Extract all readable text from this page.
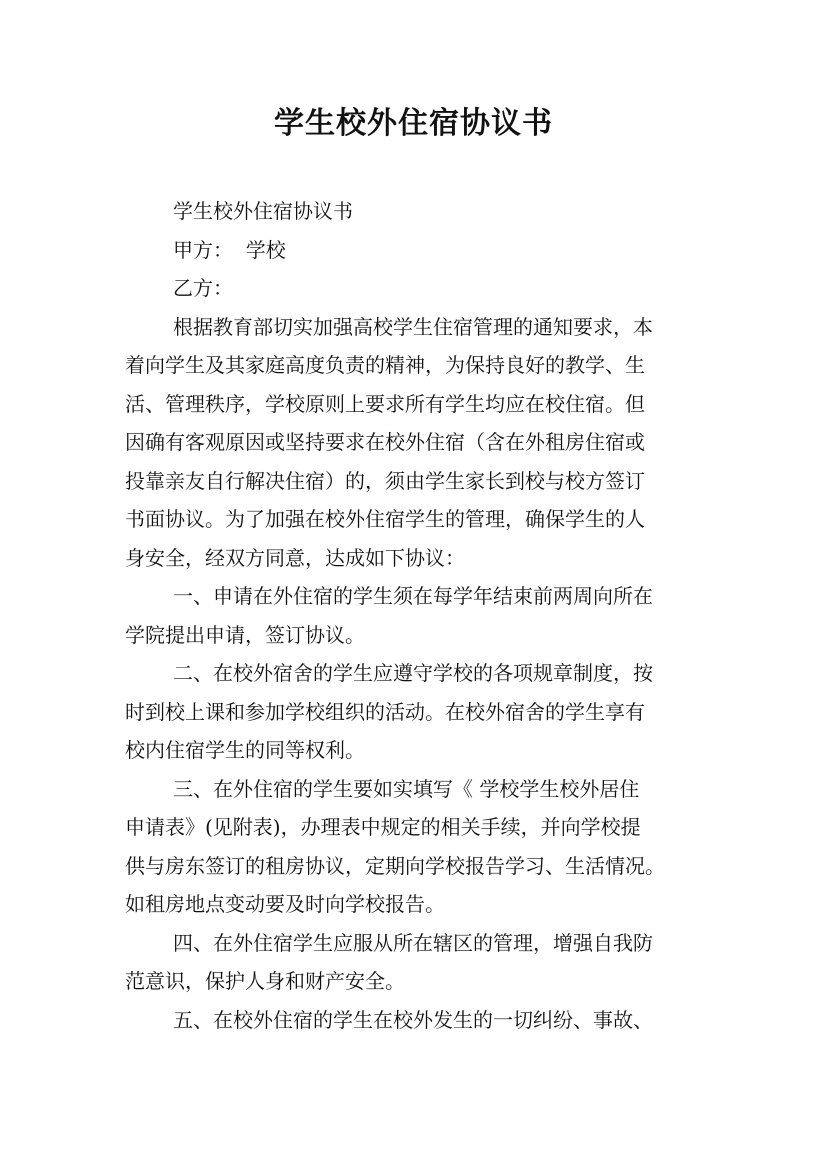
学生校外住宿协议书
学生校外住宿协议书
甲方：  学校
乙方：
根据教育部切实加强高校学生住宿管理的通知要求，本
着向学生及其家庭高度负责的精神，为保持良好的教学、生
活、管理秩序，学校原则上要求所有学生均应在校住宿。但
因确有客观原因或坚持要求在校外住宿（含在外租房住宿或
投靠亲友自行解决住宿）的，须由学生家长到校与校方签订
书面协议。为了加强在校外住宿学生的管理，确保学生的人
身安全，经双方同意，达成如下协议：
一、申请在外住宿的学生须在每学年结束前两周向所在
学院提出申请，签订协议。
二、在校外宿舍的学生应遵守学校的各项规章制度，按
时到校上课和参加学校组织的活动。在校外宿舍的学生享有
校内住宿学生的同等权利。
三、在外住宿的学生要如实填写《 学校学生校外居住
申请表》(见附表)，办理表中规定的相关手续，并向学校提
供与房东签订的租房协议，定期向学校报告学习、生活情况。
如租房地点变动要及时向学校报告。
四、在外住宿学生应服从所在辖区的管理，增强自我防
范意识，保护人身和财产安全。
五、在校外住宿的学生在校外发生的一切纠纷、事故、
